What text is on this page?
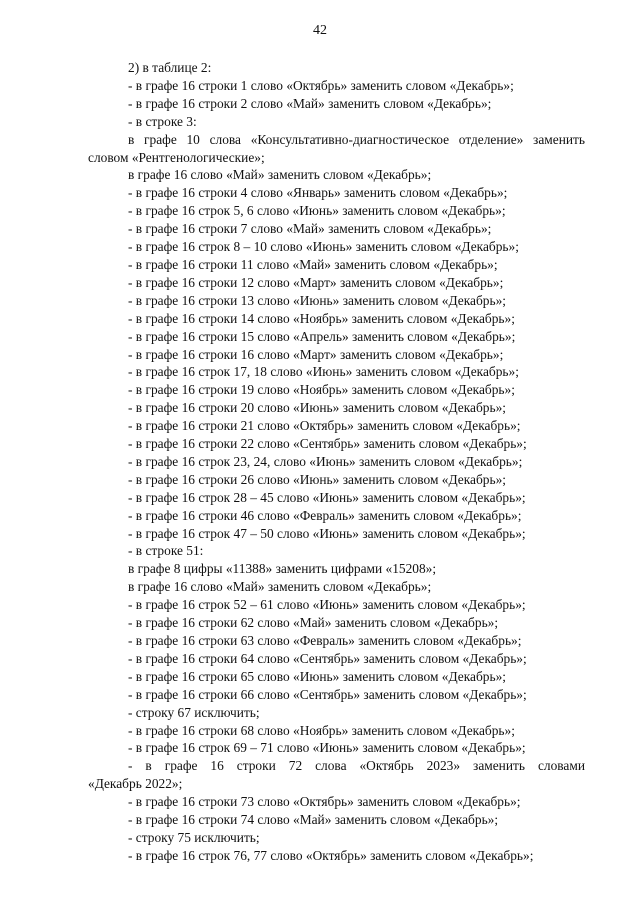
42
2) в таблице 2:
- в графе 16 строки 1 слово «Октябрь» заменить словом «Декабрь»;
- в графе 16 строки 2 слово «Май» заменить словом «Декабрь»;
- в строке 3:
в графе 10 слова «Консультативно-диагностическое отделение» заменить
словом «Рентгенологические»;
в графе 16 слово «Май» заменить словом «Декабрь»;
- в графе 16 строки 4 слово «Январь» заменить словом «Декабрь»;
- в графе 16 строк 5, 6 слово «Июнь» заменить словом «Декабрь»;
- в графе 16 строки 7 слово «Май» заменить словом «Декабрь»;
- в графе 16 строк 8 – 10 слово «Июнь» заменить словом «Декабрь»;
- в графе 16 строки 11 слово «Май» заменить словом «Декабрь»;
- в графе 16 строки 12 слово «Март» заменить словом «Декабрь»;
- в графе 16 строки 13 слово «Июнь» заменить словом «Декабрь»;
- в графе 16 строки 14 слово «Ноябрь» заменить словом «Декабрь»;
- в графе 16 строки 15 слово «Апрель» заменить словом «Декабрь»;
- в графе 16 строки 16 слово «Март» заменить словом «Декабрь»;
- в графе 16 строк 17, 18 слово «Июнь» заменить словом «Декабрь»;
- в графе 16 строки 19 слово «Ноябрь» заменить словом «Декабрь»;
- в графе 16 строки 20 слово «Июнь» заменить словом «Декабрь»;
- в графе 16 строки 21 слово «Октябрь» заменить словом «Декабрь»;
- в графе 16 строки 22 слово «Сентябрь» заменить словом «Декабрь»;
- в графе 16 строк 23, 24, слово «Июнь» заменить словом «Декабрь»;
- в графе 16 строки 26 слово «Июнь» заменить словом «Декабрь»;
- в графе 16 строк 28 – 45 слово «Июнь» заменить словом «Декабрь»;
- в графе 16 строки 46 слово «Февраль» заменить словом «Декабрь»;
- в графе 16 строк 47 – 50 слово «Июнь» заменить словом «Декабрь»;
- в строке 51:
в графе 8 цифры «11388» заменить цифрами «15208»;
в графе 16 слово «Май» заменить словом «Декабрь»;
- в графе 16 строк 52 – 61 слово «Июнь» заменить словом «Декабрь»;
- в графе 16 строки 62 слово «Май» заменить словом «Декабрь»;
- в графе 16 строки 63 слово «Февраль» заменить словом «Декабрь»;
- в графе 16 строки 64 слово «Сентябрь» заменить словом «Декабрь»;
- в графе 16 строки 65 слово «Июнь» заменить словом «Декабрь»;
- в графе 16 строки 66 слово «Сентябрь» заменить словом «Декабрь»;
- строку 67 исключить;
- в графе 16 строки 68 слово «Ноябрь» заменить словом «Декабрь»;
- в графе 16 строк 69 – 71 слово «Июнь» заменить словом «Декабрь»;
- в графе 16 строки 72 слова «Октябрь 2023» заменить словами
«Декабрь 2022»;
- в графе 16 строки 73 слово «Октябрь» заменить словом «Декабрь»;
- в графе 16 строки 74 слово «Май» заменить словом «Декабрь»;
- строку 75 исключить;
- в графе 16 строк 76, 77 слово «Октябрь» заменить словом «Декабрь»;
